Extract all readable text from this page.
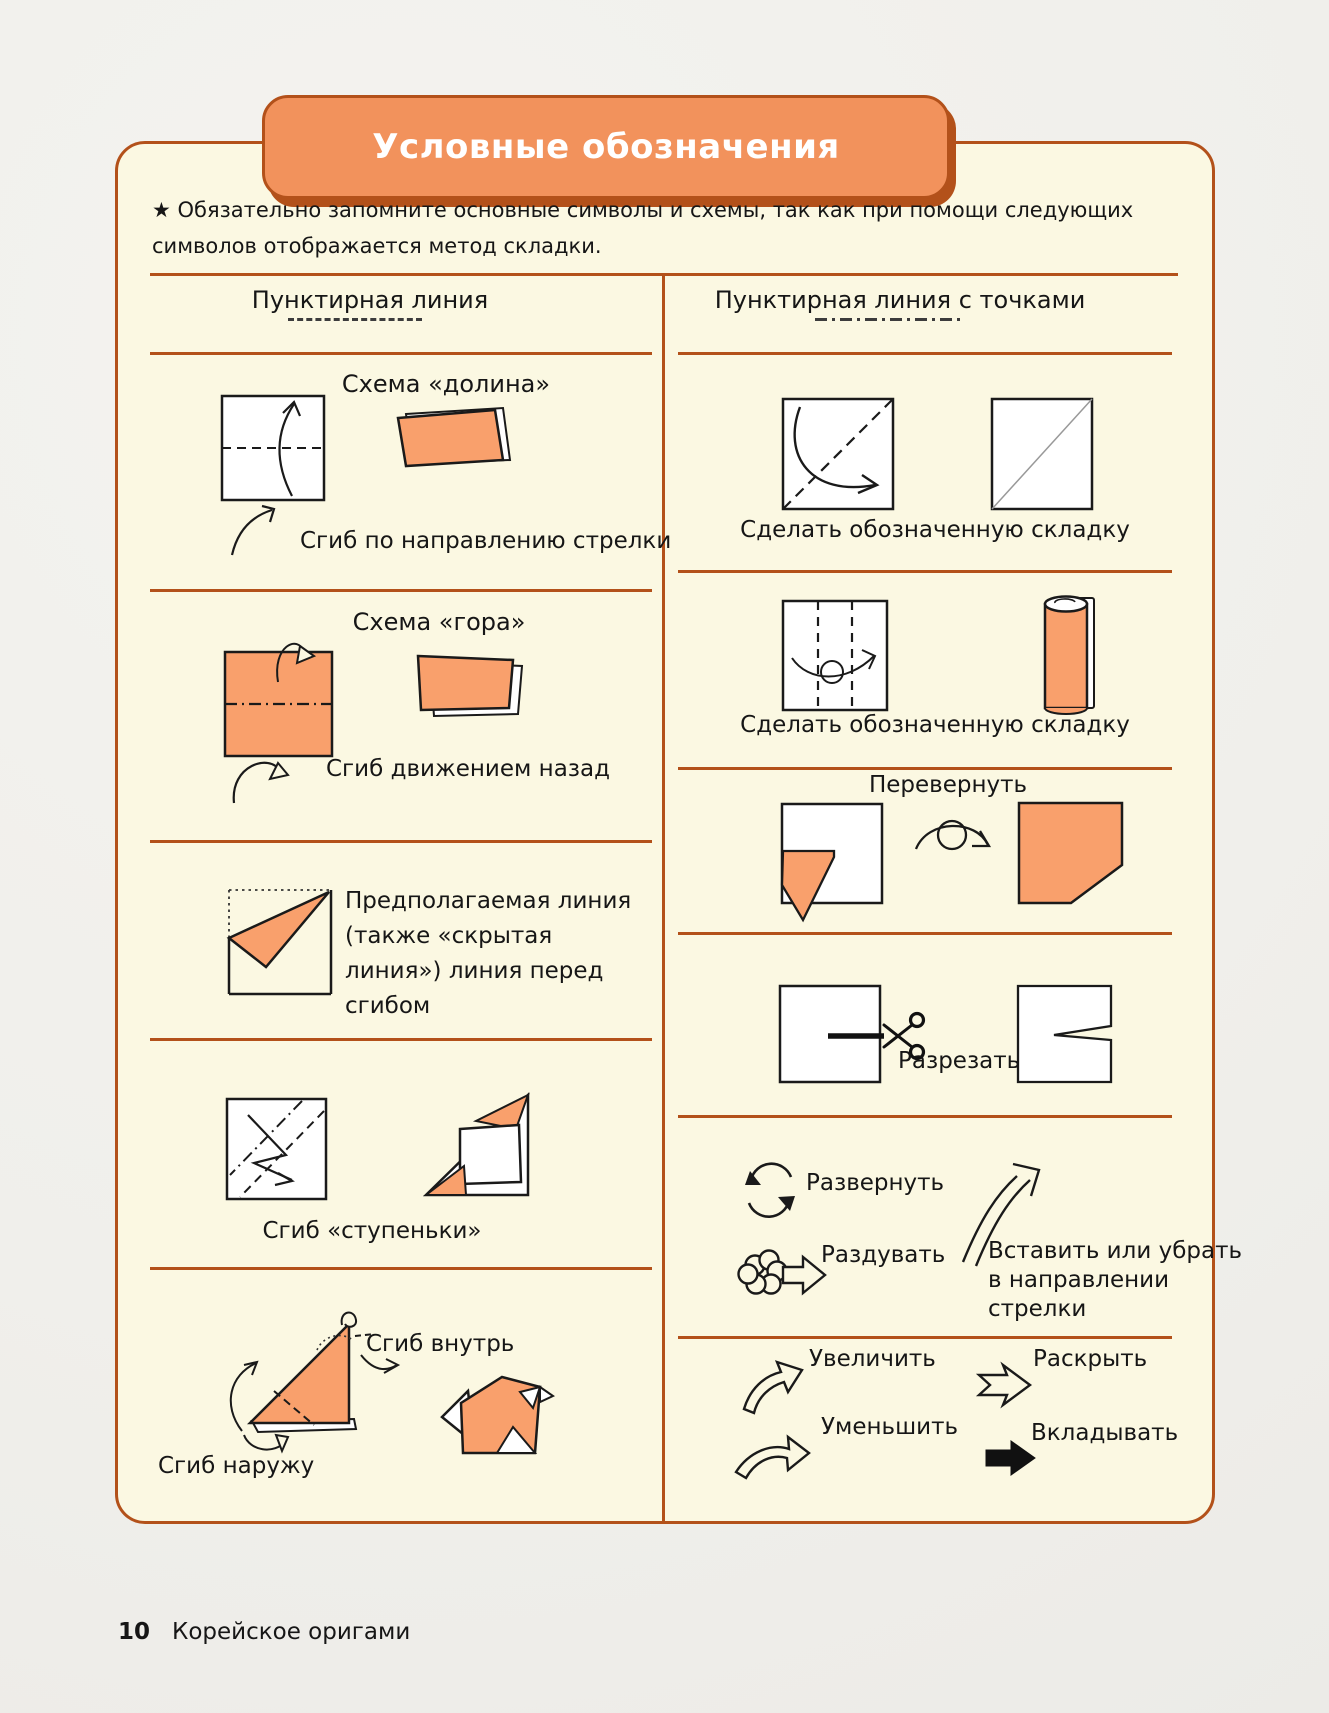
Условные обозначения
★ Обязательно запомните основные символы и схемы, так как при помощи следующих символов отображается метод складки.
Пунктирная линия	Пунктирная линия с точками
Схема «долина»
Сгиб по направлению стрелки
Схема «гора»
Сгиб движением назад
Предполагаемая линия (также «скрытая линия») линия перед сгибом
Сгиб «ступеньки»
Сгиб внутрь
Сгиб наружу
Сделать обозначенную складку
Сделать обозначенную складку
Перевернуть
Разрезать
Развернуть
Раздувать Вставить или убрать в направлении стрелки
Увеличить	Раскрыть
Уменьшить	Вкладывать
10 Корейское оригами
